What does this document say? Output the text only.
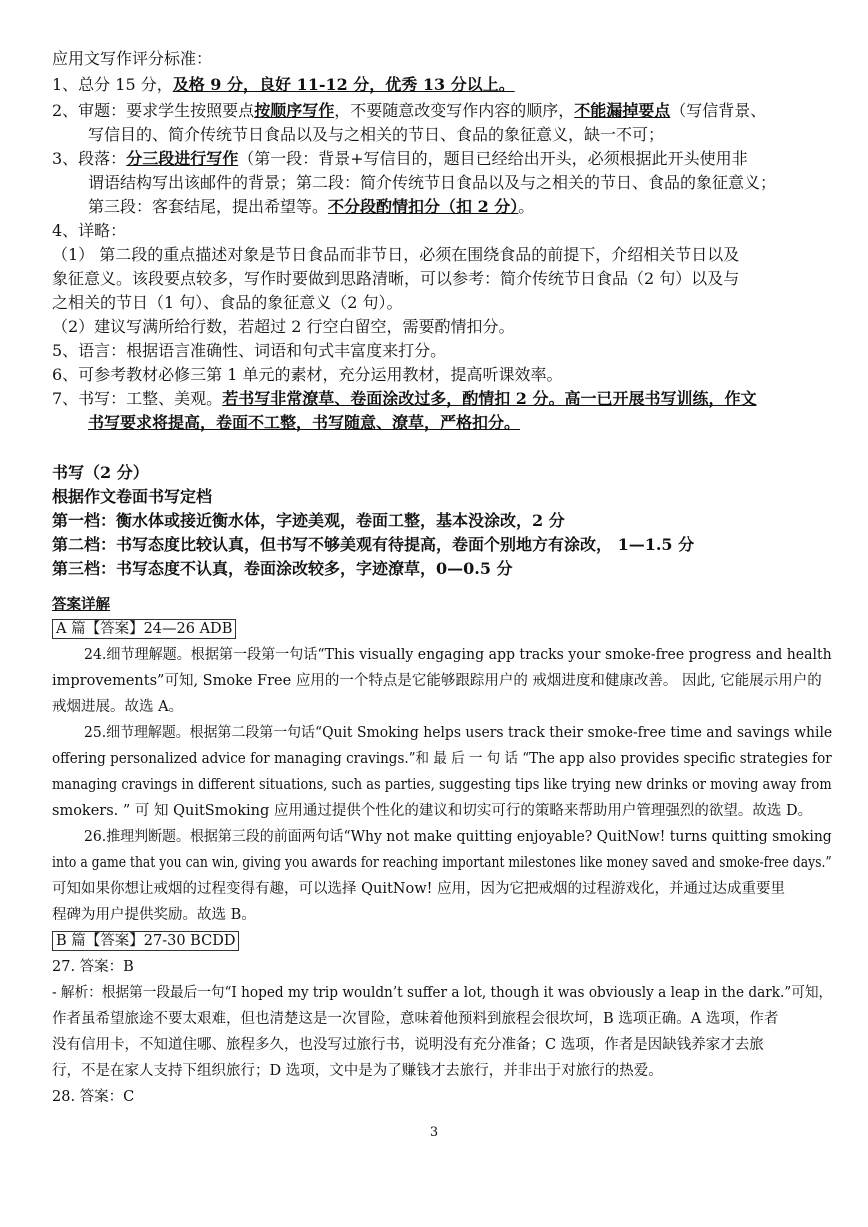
应用文写作评分标准：
1、总分 15 分，及格 9 分，良好 11-12 分，优秀 13 分以上。
2、审题：要求学生按照要点按顺序写作，不要随意改变写作内容的顺序，不能漏掉要点（写信背景、
写信目的、简介传统节日食品以及与之相关的节日、食品的象征意义，缺一不可；
3、段落：分三段进行写作（第一段：背景+写信目的，题目已经给出开头，必须根据此开头使用非
谓语结构写出该邮件的背景；第二段：简介传统节日食品以及与之相关的节日、食品的象征意义；
第三段：客套结尾，提出希望等。不分段酌情扣分（扣 2 分）。
4、详略：
（1） 第二段的重点描述对象是节日食品而非节日，必须在围绕食品的前提下，介绍相关节日以及
象征意义。该段要点较多，写作时要做到思路清晰，可以参考：简介传统节日食品（2 句）以及与
之相关的节日（1 句）、食品的象征意义（2 句）。
（2）建议写满所给行数，若超过 2 行空白留空，需要酌情扣分。
5、语言：根据语言准确性、词语和句式丰富度来打分。
6、可参考教材必修三第 1 单元的素材，充分运用教材，提高听课效率。
7、书写：工整、美观。若书写非常潦草、卷面涂改过多，酌情扣 2 分。高一已开展书写训练，作文
书写要求将提高，卷面不工整，书写随意、潦草，严格扣分。
书写（2 分）
根据作文卷面书写定档
第一档：衡水体或接近衡水体，字迹美观，卷面工整，基本没涂改，2 分
第二档：书写态度比较认真，但书写不够美观有待提高，卷面个别地方有涂改， 1—1.5 分
第三档：书写态度不认真，卷面涂改较多，字迹潦草，0—0.5 分
答案详解
A 篇【答案】24—26 ADB
24.细节理解题。根据第一段第一句话“This visually engaging app tracks your smoke-free progress and health
improvements”可知, Smoke Free 应用的一个特点是它能够跟踪用户的 戒烟进度和健康改善。 因此, 它能展示用户的
戒烟进展。故选 A。
25.细节理解题。根据第二段第一句话“Quit Smoking helps users track their smoke-free time and savings while
offering personalized advice for managing cravings.”和 最 后 一 句 话 “The app also provides specific strategies for
managing cravings in different situations, such as parties, suggesting tips like trying new drinks or moving away from
smokers. ” 可 知 QuitSmoking 应用通过提供个性化的建议和切实可行的策略来帮助用户管理强烈的欲望。故选 D。
26.推理判断题。根据第三段的前面两句话“Why not make quitting enjoyable? QuitNow! turns quitting smoking
into a game that you can win, giving you awards for reaching important milestones like money saved and smoke-free days.”
可知如果你想让戒烟的过程变得有趣，可以选择 QuitNow! 应用，因为它把戒烟的过程游戏化，并通过达成重要里
程碑为用户提供奖励。故选 B。
B 篇【答案】27-30 BCDD
27. 答案：B
- 解析：根据第一段最后一句“I hoped my trip wouldn’t suffer a lot, though it was obviously a leap in the dark.”可知，
作者虽希望旅途不要太艰难，但也清楚这是一次冒险，意味着他预料到旅程会很坎坷，B 选项正确。A 选项，作者
没有信用卡，不知道住哪、旅程多久，也没写过旅行书，说明没有充分准备；C 选项，作者是因缺钱养家才去旅
行，不是在家人支持下组织旅行；D 选项，文中是为了赚钱才去旅行，并非出于对旅行的热爱。
28. 答案：C
3
